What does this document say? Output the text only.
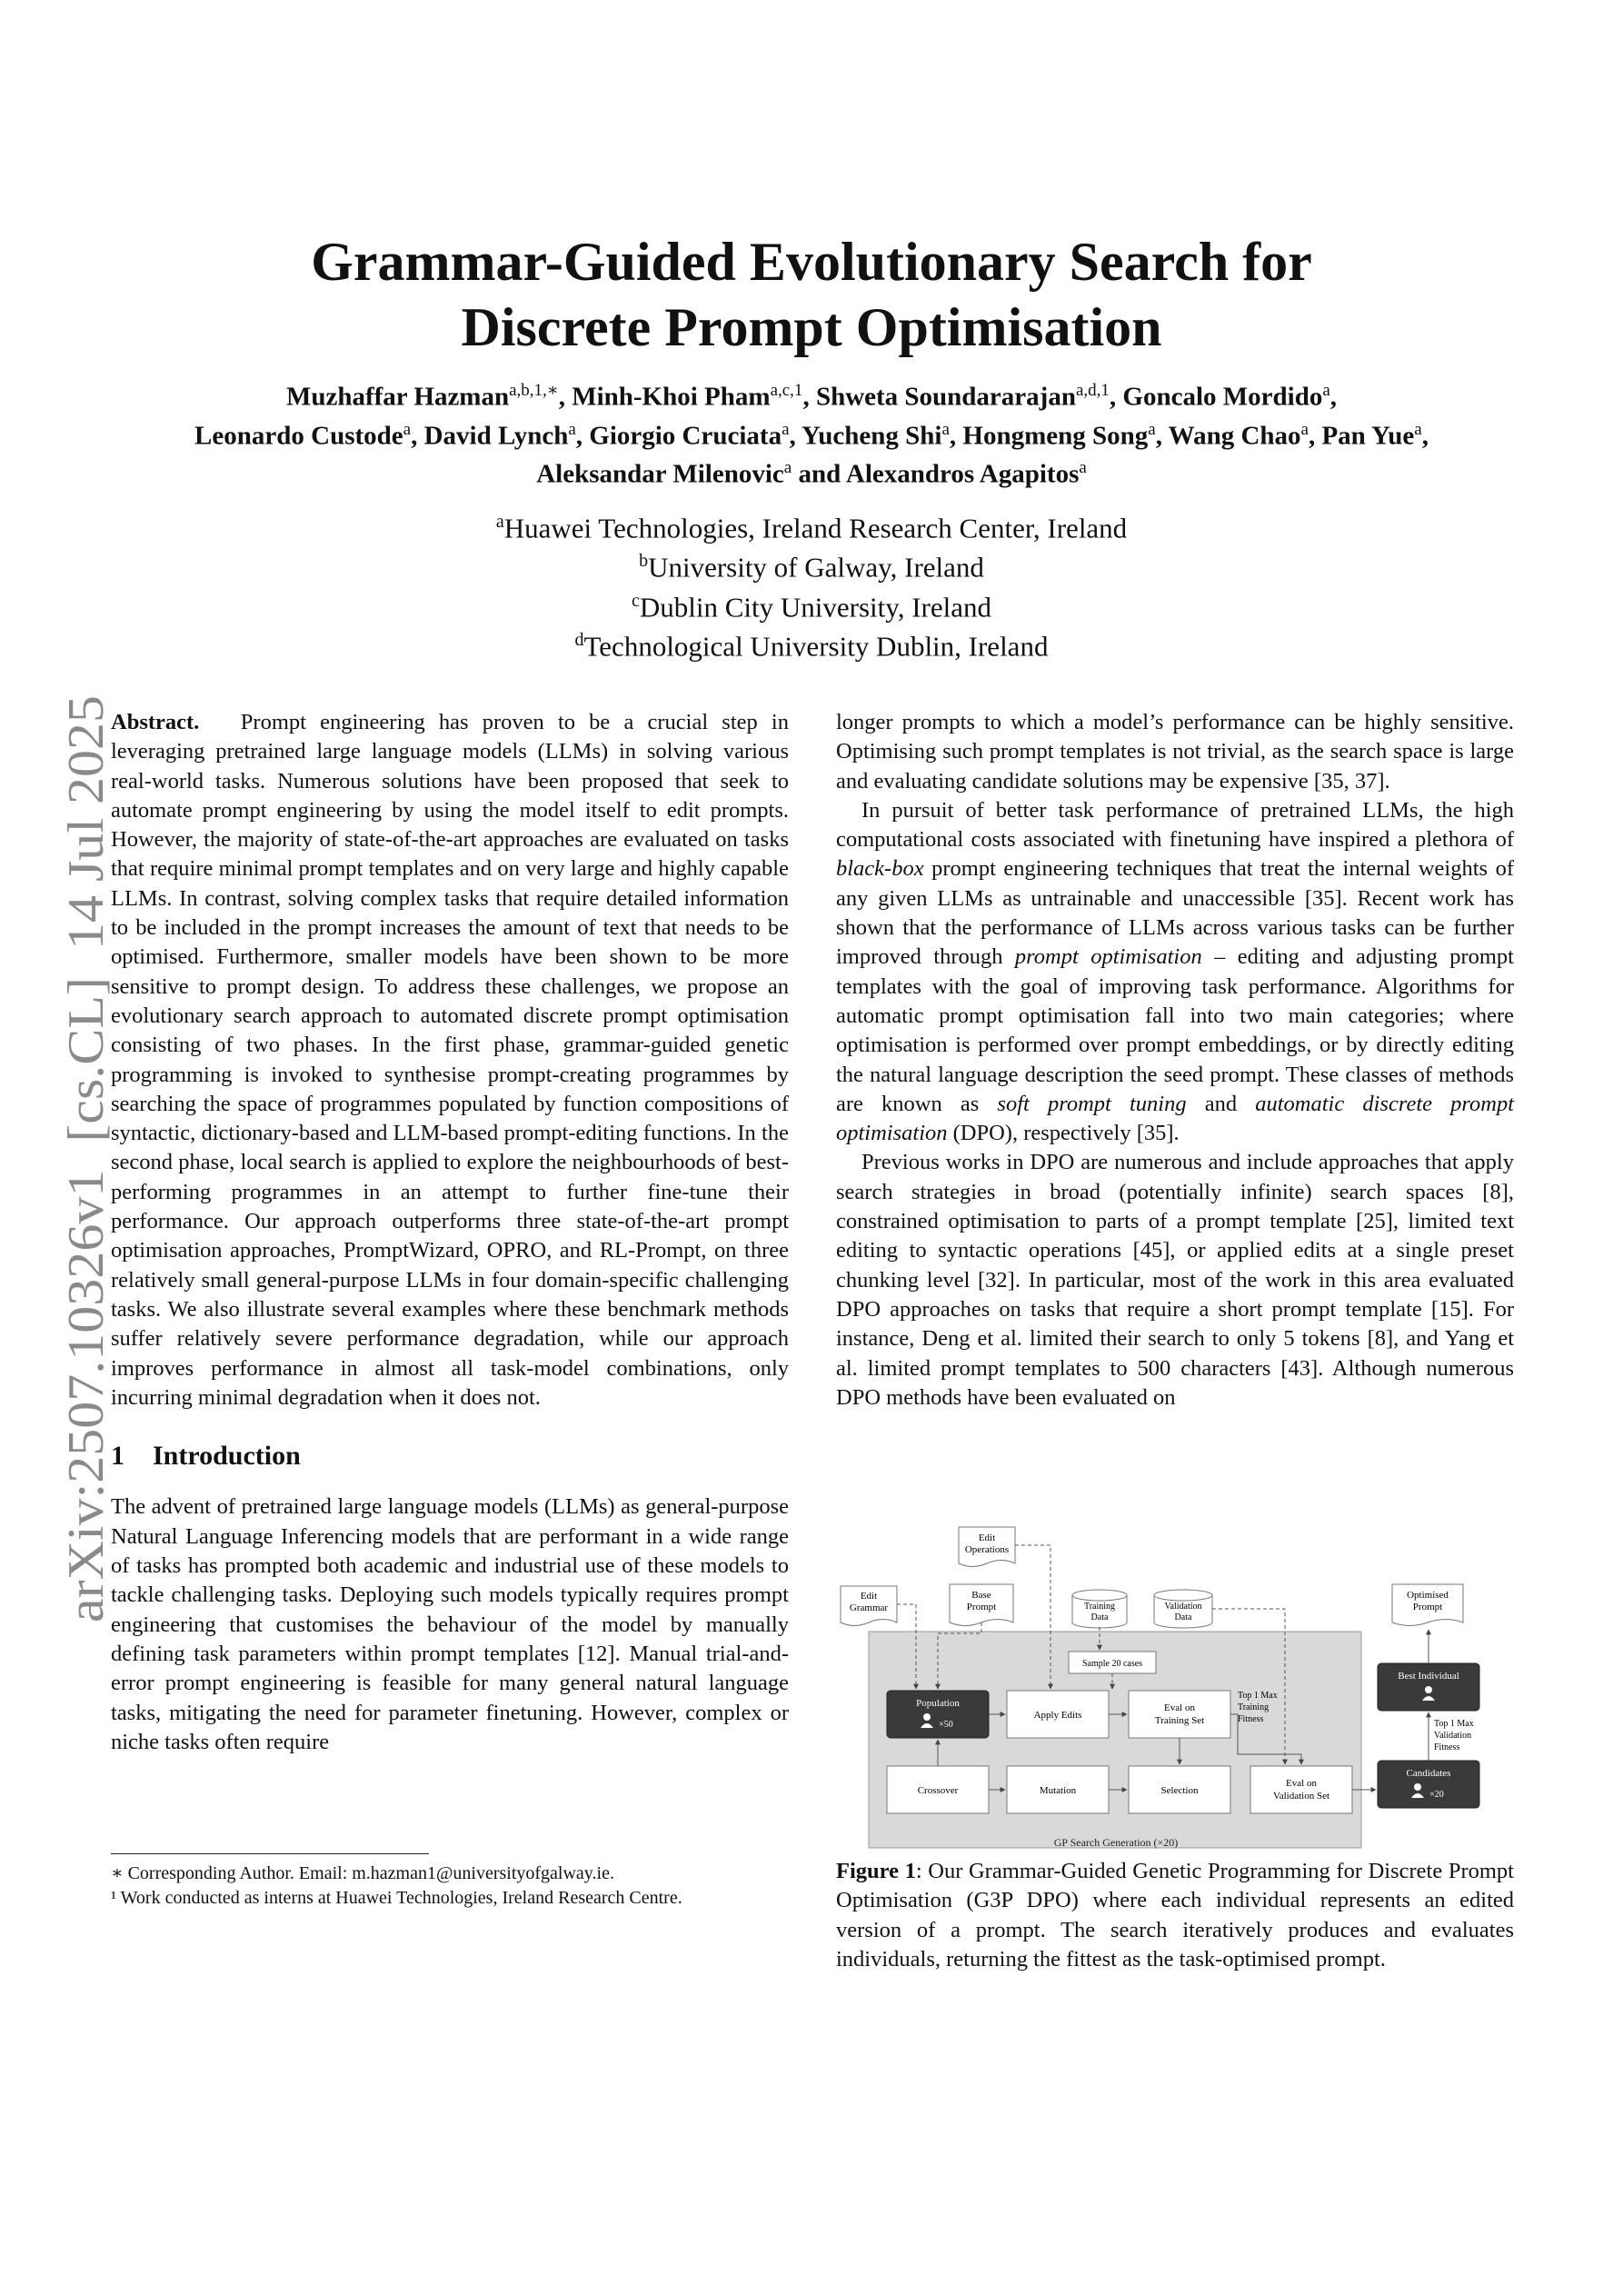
Grammar-Guided Evolutionary Search for
Discrete Prompt Optimisation
Muzhaffar Hazman$^{a,b,1,∗}$, Minh-Khoi Pham$^{a,c,1}$, Shweta Soundararajan$^{a,d,1}$, Goncalo Mordido$^a$,
Leonardo Custode$^a$, David Lynch$^a$, Giorgio Cruciata$^a$, Yucheng Shi$^a$, Hongmeng Song$^a$, Wang Chao$^a$, Pan Yue$^a$,
Aleksandar Milenovic$^a$ and Alexandros Agapitos$^a$
$^a$Huawei Technologies, Ireland Research Center, Ireland
$^b$University of Galway, Ireland
$^c$Dublin City University, Ireland
$^d$Technological University Dublin, Ireland
arXiv:2507.10326v1  [cs.CL]  14 Jul 2025

Abstract. Prompt engineering has proven to be a crucial step in leveraging pretrained large language models (LLMs) in solving various real-world tasks. Numerous solutions have been proposed that seek to automate prompt engineering by using the model itself to edit prompts. However, the majority of state-of-the-art approaches are evaluated on tasks that require minimal prompt templates and on very large and highly capable LLMs. In contrast, solving complex tasks that require detailed information to be included in the prompt increases the amount of text that needs to be optimised. Furthermore, smaller models have been shown to be more sensitive to prompt design. To address these challenges, we propose an evolutionary search approach to automated discrete prompt optimisation consisting of two phases. In the first phase, grammar-guided genetic programming is invoked to synthesise prompt-creating programmes by searching the space of programmes populated by function compositions of syntactic, dictionary-based and LLM-based prompt-editing functions. In the second phase, local search is applied to explore the neighbourhoods of best-performing programmes in an attempt to further fine-tune their performance. Our approach outperforms three state-of-the-art prompt optimisation approaches, PromptWizard, OPRO, and RL-Prompt, on three relatively small general-purpose LLMs in four domain-specific challenging tasks. We also illustrate several examples where these benchmark methods suffer relatively severe performance degradation, while our approach improves performance in almost all task-model combinations, only incurring minimal degradation when it does not.

1 Introduction

The advent of pretrained large language models (LLMs) as general-purpose Natural Language Inferencing models that are performant in a wide range of tasks has prompted both academic and industrial use of these models to tackle challenging tasks. Deploying such models typically requires prompt engineering that customises the behaviour of the model by manually defining task parameters within prompt templates [12]. Manual trial-and-error prompt engineering is feasible for many general natural language tasks, mitigating the need for parameter finetuning. However, complex or niche tasks often require

∗ Corresponding Author. Email: m.hazman1@universityofgalway.ie.
¹ Work conducted as interns at Huawei Technologies, Ireland Research Centre.

longer prompts to which a model’s performance can be highly sensitive. Optimising such prompt templates is not trivial, as the search space is large and evaluating candidate solutions may be expensive [35, 37].

In pursuit of better task performance of pretrained LLMs, the high computational costs associated with finetuning have inspired a plethora of black-box prompt engineering techniques that treat the internal weights of any given LLMs as untrainable and unaccessible [35]. Recent work has shown that the performance of LLMs across various tasks can be further improved through prompt optimisation – editing and adjusting prompt templates with the goal of improving task performance. Algorithms for automatic prompt optimisation fall into two main categories; where optimisation is performed over prompt embeddings, or by directly editing the natural language description the seed prompt. These classes of methods are known as soft prompt tuning and automatic discrete prompt optimisation (DPO), respectively [35].

Previous works in DPO are numerous and include approaches that apply search strategies in broad (potentially infinite) search spaces [8], constrained optimisation to parts of a prompt template [25], limited text editing to syntactic operations [45], or applied edits at a single preset chunking level [32]. In particular, most of the work in this area evaluated DPO approaches on tasks that require a short prompt template [15]. For instance, Deng et al. limited their search to only 5 tokens [8], and Yang et al. limited prompt templates to 500 characters [43]. Although numerous DPO methods have been evaluated on

GP Search Generation (×20)
Edit
Operations
Edit
Grammar
Base
Prompt	Training
Data
Validation
Data
Optimised
Prompt
Sample 20 cases
Population
×50
Apply Edits
Eval on
Training Set
Top 1 Max
Training
Fitness
Crossover	Mutation	Selection
Eval on
Validation Set
Best Individual
Top 1 Max
Validation
Fitness
Candidates
×20
Figure 1: Our Grammar-Guided Genetic Programming for Discrete Prompt Optimisation (G3P DPO) where each individual represents an edited version of a prompt. The search iteratively produces and evaluates individuals, returning the fittest as the task-optimised prompt.
